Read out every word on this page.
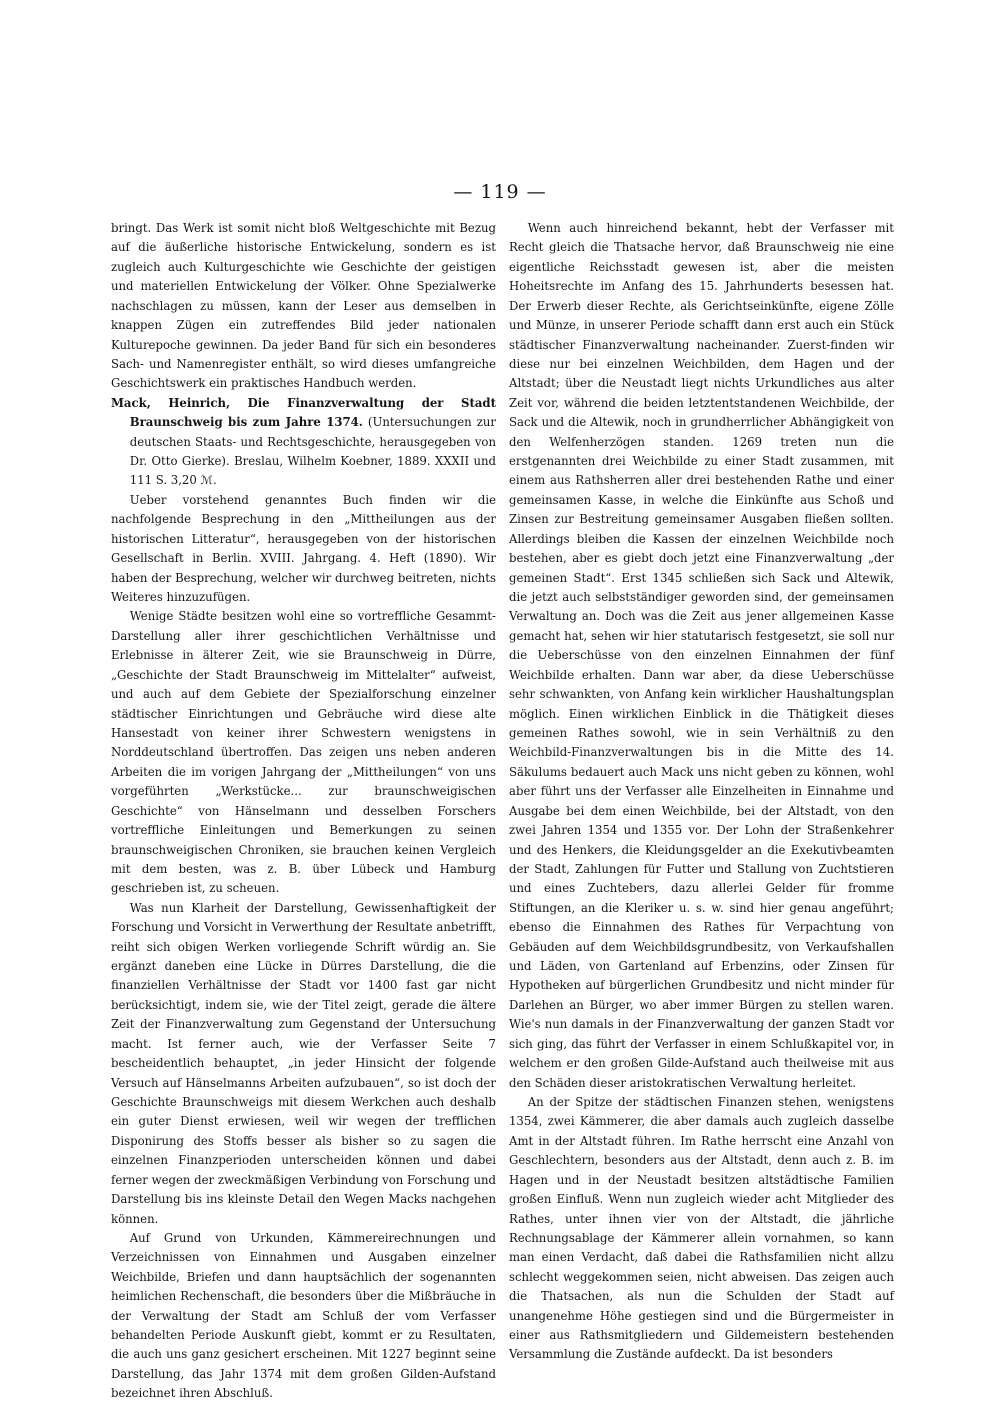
— 119 —

bringt. Das Werk ist somit nicht bloß Weltgeschichte mit Bezug auf die äußerliche historische Entwickelung, sondern es ist zugleich auch Kulturgeschichte wie Geschichte der geistigen und materiellen Entwickelung der Völker. Ohne Spezialwerke nachschlagen zu müssen, kann der Leser aus demselben in knappen Zügen ein zutreffendes Bild jeder nationalen Kulturepoche gewinnen. Da jeder Band für sich ein besonderes Sach- und Namenregister enthält, so wird dieses umfangreiche Geschichtswerk ein praktisches Handbuch werden.

Mack, Heinrich, Die Finanzverwaltung der Stadt Braunschweig bis zum Jahre 1374. (Untersuchungen zur deutschen Staats- und Rechtsgeschichte, herausgegeben von Dr. Otto Gierke). Breslau, Wilhelm Koebner, 1889. XXXII und 111 S. 3,20 ℳ.

Ueber vorstehend genanntes Buch finden wir die nachfolgende Besprechung in den „Mittheilungen aus der historischen Litteratur“, herausgegeben von der historischen Gesellschaft in Berlin. XVIII. Jahrgang. 4. Heft (1890). Wir haben der Besprechung, welcher wir durchweg beitreten, nichts Weiteres hinzuzufügen.

Wenige Städte besitzen wohl eine so vortreffliche Gesammt-Darstellung aller ihrer geschichtlichen Verhältnisse und Erlebnisse in älterer Zeit, wie sie Braunschweig in Dürre, „Geschichte der Stadt Braunschweig im Mittelalter“ aufweist, und auch auf dem Gebiete der Spezialforschung einzelner städtischer Einrichtungen und Gebräuche wird diese alte Hansestadt von keiner ihrer Schwestern wenigstens in Norddeutschland übertroffen. Das zeigen uns neben anderen Arbeiten die im vorigen Jahrgang der „Mittheilungen“ von uns vorgeführten „Werkstücke... zur braunschweigischen Geschichte“ von Hänselmann und desselben Forschers vortreffliche Einleitungen und Bemerkungen zu seinen braunschweigischen Chroniken, sie brauchen keinen Vergleich mit dem besten, was z. B. über Lübeck und Hamburg geschrieben ist, zu scheuen.

Was nun Klarheit der Darstellung, Gewissenhaftigkeit der Forschung und Vorsicht in Verwerthung der Resultate anbetrifft, reiht sich obigen Werken vorliegende Schrift würdig an. Sie ergänzt daneben eine Lücke in Dürres Darstellung, die die finanziellen Verhältnisse der Stadt vor 1400 fast gar nicht berücksichtigt, indem sie, wie der Titel zeigt, gerade die ältere Zeit der Finanzverwaltung zum Gegenstand der Untersuchung macht. Ist ferner auch, wie der Verfasser Seite 7 bescheidentlich behauptet, „in jeder Hinsicht der folgende Versuch auf Hänselmanns Arbeiten aufzubauen“, so ist doch der Geschichte Braunschweigs mit diesem Werkchen auch deshalb ein guter Dienst erwiesen, weil wir wegen der trefflichen Disponirung des Stoffs besser als bisher so zu sagen die einzelnen Finanzperioden unterscheiden können und dabei ferner wegen der zweckmäßigen Verbindung von Forschung und Darstellung bis ins kleinste Detail den Wegen Macks nachgehen können.

Auf Grund von Urkunden, Kämmereirechnungen und Verzeichnissen von Einnahmen und Ausgaben einzelner Weichbilde, Briefen und dann hauptsächlich der sogenannten heimlichen Rechenschaft, die besonders über die Mißbräuche in der Verwaltung der Stadt am Schluß der vom Verfasser behandelten Periode Auskunft giebt, kommt er zu Resultaten, die auch uns ganz gesichert erscheinen. Mit 1227 beginnt seine Darstellung, das Jahr 1374 mit dem großen Gilden-Aufstand bezeichnet ihren Abschluß.

Wenn auch hinreichend bekannt, hebt der Verfasser mit Recht gleich die Thatsache hervor, daß Braunschweig nie eine eigentliche Reichsstadt gewesen ist, aber die meisten Hoheitsrechte im Anfang des 15. Jahrhunderts besessen hat. Der Erwerb dieser Rechte, als Gerichtseinkünfte, eigene Zölle und Münze, in unserer Periode schafft dann erst auch ein Stück städtischer Finanzverwaltung nacheinander. Zuerst-finden wir diese nur bei einzelnen Weichbilden, dem Hagen und der Altstadt; über die Neustadt liegt nichts Urkundliches aus alter Zeit vor, während die beiden letztentstandenen Weichbilde, der Sack und die Altewik, noch in grundherrlicher Abhängigkeit von den Welfenherzögen standen. 1269 treten nun die erstgenannten drei Weichbilde zu einer Stadt zusammen, mit einem aus Rathsherren aller drei bestehenden Rathe und einer gemeinsamen Kasse, in welche die Einkünfte aus Schoß und Zinsen zur Bestreitung gemeinsamer Ausgaben fließen sollten. Allerdings bleiben die Kassen der einzelnen Weichbilde noch bestehen, aber es giebt doch jetzt eine Finanzverwaltung „der gemeinen Stadt“. Erst 1345 schließen sich Sack und Altewik, die jetzt auch selbstständiger geworden sind, der gemeinsamen Verwaltung an. Doch was die Zeit aus jener allgemeinen Kasse gemacht hat, sehen wir hier statutarisch festgesetzt, sie soll nur die Ueberschüsse von den einzelnen Einnahmen der fünf Weichbilde erhalten. Dann war aber, da diese Ueberschüsse sehr schwankten, von Anfang kein wirklicher Haushaltungsplan möglich. Einen wirklichen Einblick in die Thätigkeit dieses gemeinen Rathes sowohl, wie in sein Verhältniß zu den Weichbild-Finanzverwaltungen bis in die Mitte des 14. Säkulums bedauert auch Mack uns nicht geben zu können, wohl aber führt uns der Verfasser alle Einzelheiten in Einnahme und Ausgabe bei dem einen Weichbilde, bei der Altstadt, von den zwei Jahren 1354 und 1355 vor. Der Lohn der Straßenkehrer und des Henkers, die Kleidungsgelder an die Exekutivbeamten der Stadt, Zahlungen für Futter und Stallung von Zuchtstieren und eines Zuchtebers, dazu allerlei Gelder für fromme Stiftungen, an die Kleriker u. s. w. sind hier genau angeführt; ebenso die Einnahmen des Rathes für Verpachtung von Gebäuden auf dem Weichbildsgrundbesitz, von Verkaufshallen und Läden, von Gartenland auf Erbenzins, oder Zinsen für Hypotheken auf bürgerlichen Grundbesitz und nicht minder für Darlehen an Bürger, wo aber immer Bürgen zu stellen waren. Wie's nun damals in der Finanzverwaltung der ganzen Stadt vor sich ging, das führt der Verfasser in einem Schlußkapitel vor, in welchem er den großen Gilde-Aufstand auch theilweise mit aus den Schäden dieser aristokratischen Verwaltung herleitet.

An der Spitze der städtischen Finanzen stehen, wenigstens 1354, zwei Kämmerer, die aber damals auch zugleich dasselbe Amt in der Altstadt führen. Im Rathe herrscht eine Anzahl von Geschlechtern, besonders aus der Altstadt, denn auch z. B. im Hagen und in der Neustadt besitzen altstädtische Familien großen Einfluß. Wenn nun zugleich wieder acht Mitglieder des Rathes, unter ihnen vier von der Altstadt, die jährliche Rechnungsablage der Kämmerer allein vornahmen, so kann man einen Verdacht, daß dabei die Rathsfamilien nicht allzu schlecht weggekommen seien, nicht abweisen. Das zeigen auch die Thatsachen, als nun die Schulden der Stadt auf unangenehme Höhe gestiegen sind und die Bürgermeister in einer aus Rathsmitgliedern und Gildemeistern bestehenden Versammlung die Zustände aufdeckt. Da ist besonders
